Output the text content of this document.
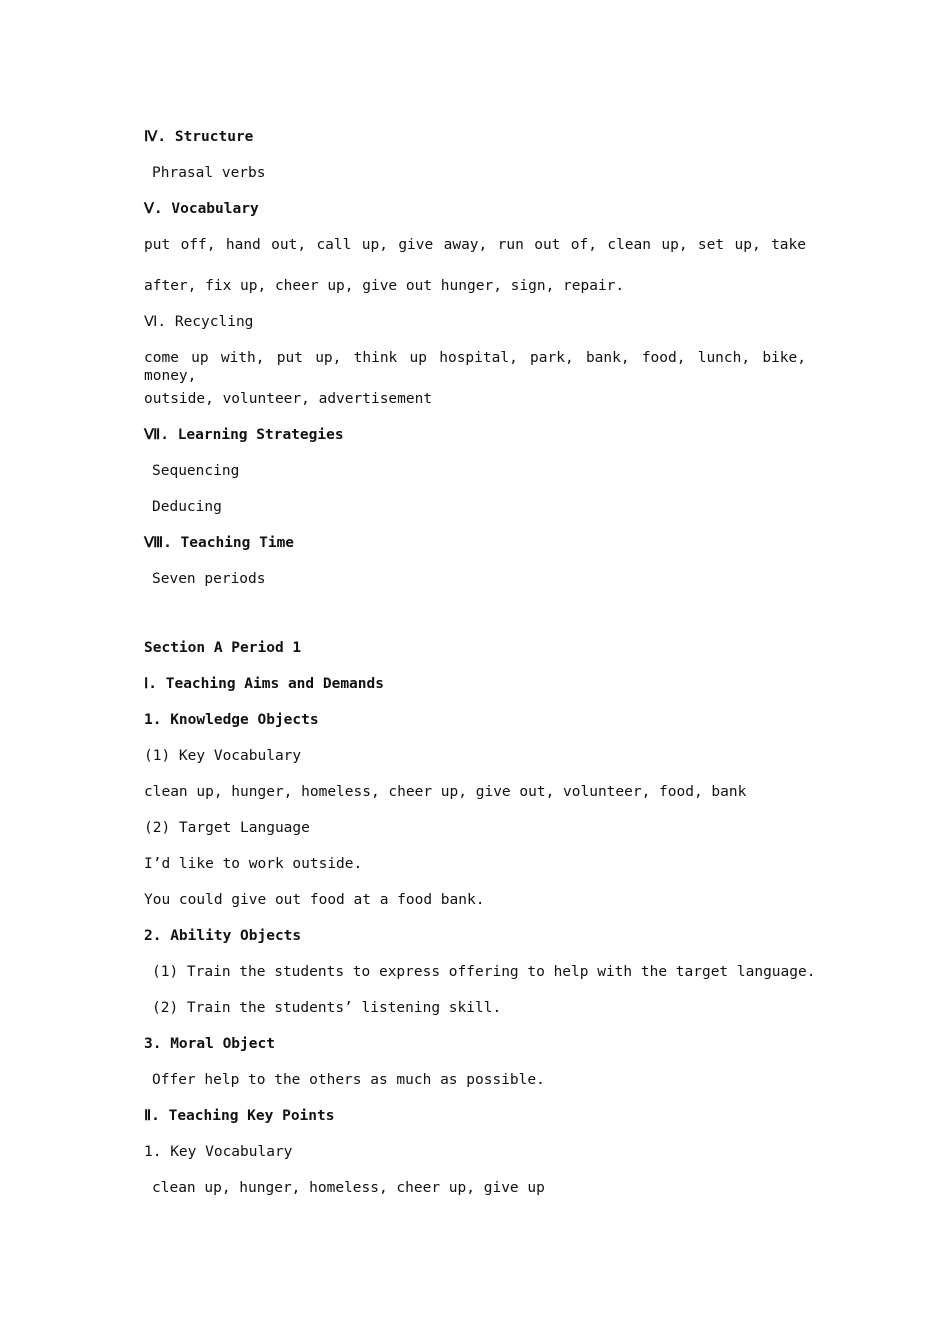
Ⅳ. Structure
Phrasal verbs
Ⅴ. Vocabulary
put off, hand out, call up, give away, run out of, clean up, set up, take
after, fix up, cheer up, give out hunger, sign, repair.
Ⅵ. Recycling
come up with, put up, think up hospital, park, bank, food, lunch, bike, money,
outside, volunteer, advertisement
Ⅶ. Learning Strategies
Sequencing
Deducing
Ⅷ. Teaching Time
Seven periods
Section A Period 1
Ⅰ. Teaching Aims and Demands
1. Knowledge Objects
(1) Key Vocabulary
clean up, hunger, homeless, cheer up, give out, volunteer, food, bank
(2) Target Language
I’d like to work outside.
You could give out food at a food bank.
2. Ability Objects
(1) Train the students to express offering to help with the target language.
(2) Train the students’ listening skill.
3. Moral Object
Offer help to the others as much as possible.
Ⅱ. Teaching Key Points
1. Key Vocabulary
clean up, hunger, homeless, cheer up, give up
